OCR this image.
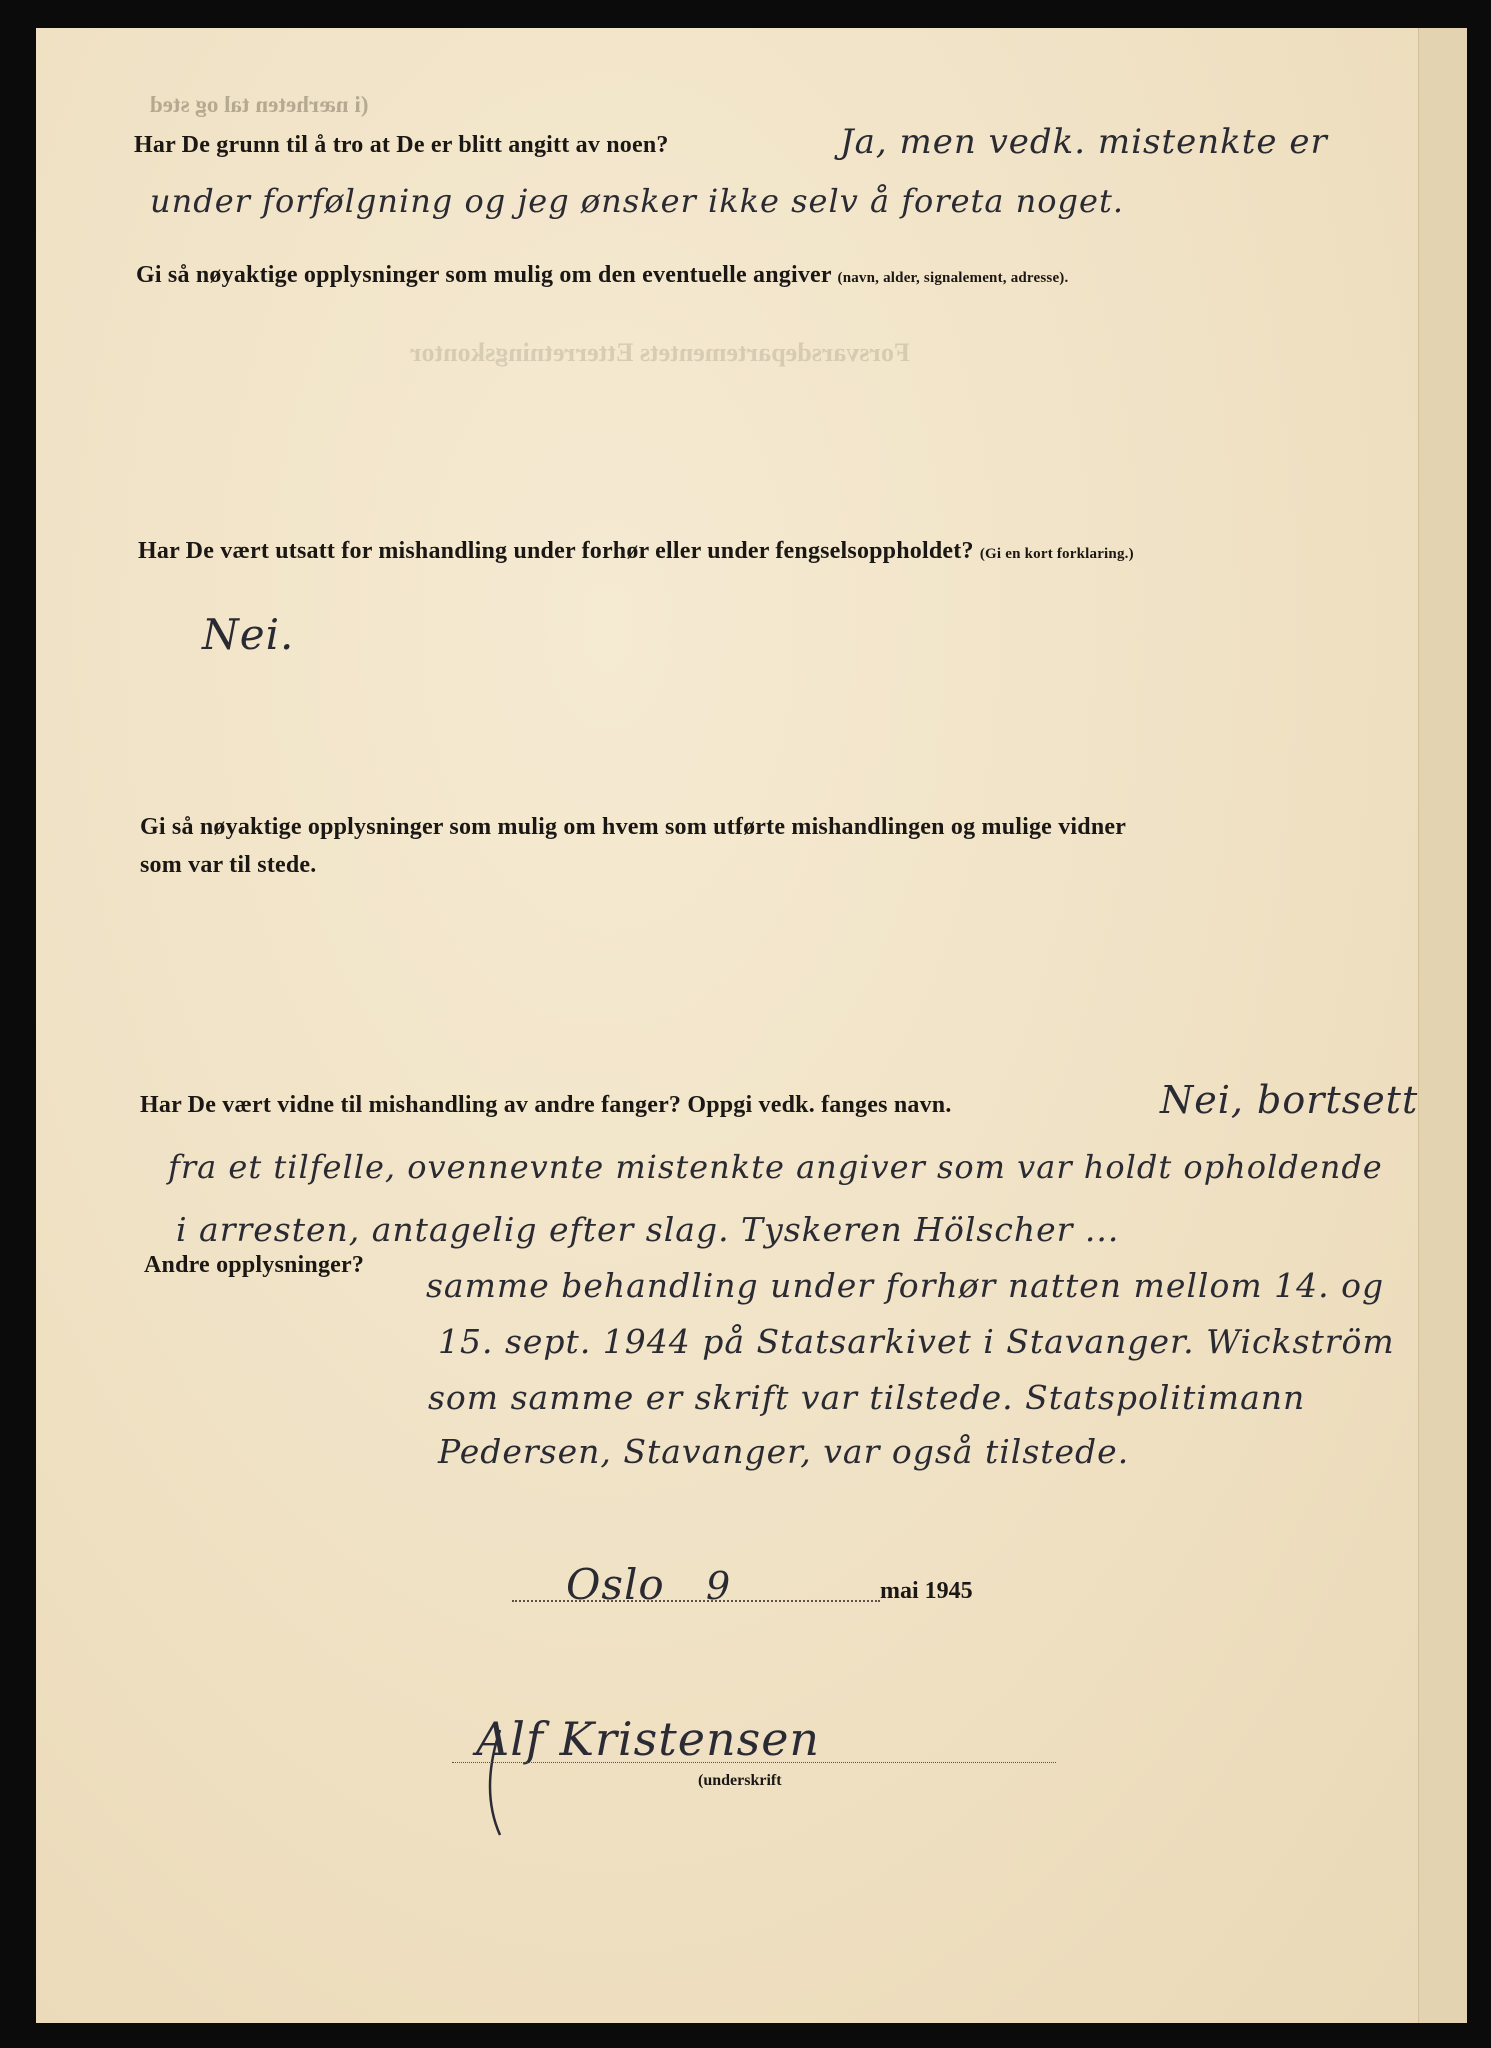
(i nærheten tal og sted
Forsvarsdepartementets Etterretningskontor
Har De grunn til å tro at De er blitt angitt av noen?	Ja, men vedk. mistenkte er
under forfølgning og jeg ønsker ikke selv å foreta noget.
Gi så nøyaktige opplysninger som mulig om den eventuelle angiver (navn, alder, signalement, adresse).
Har De vært utsatt for mishandling under forhør eller under fengselsoppholdet? (Gi en kort forklaring.)
Nei.
Gi så nøyaktige opplysninger som mulig om hvem som utførte mishandlingen og mulige vidner
som var til stede.
Har De vært vidne til mishandling av andre fanger? Oppgi vedk. fanges navn.	Nei, bortsett
fra et tilfelle, ovennevnte mistenkte angiver som var holdt opholdende
i arresten, antagelig efter slag. Tyskeren Hölscher ...
Andre opplysninger?
samme behandling under forhør natten mellom 14. og
15. sept. 1944 på Statsarkivet i Stavanger. Wickström
som samme er skrift var tilstede. Statspolitimann
Pedersen, Stavanger, var også tilstede.
Oslo 9	mai 1945
Alf Kristensen
(underskrift
